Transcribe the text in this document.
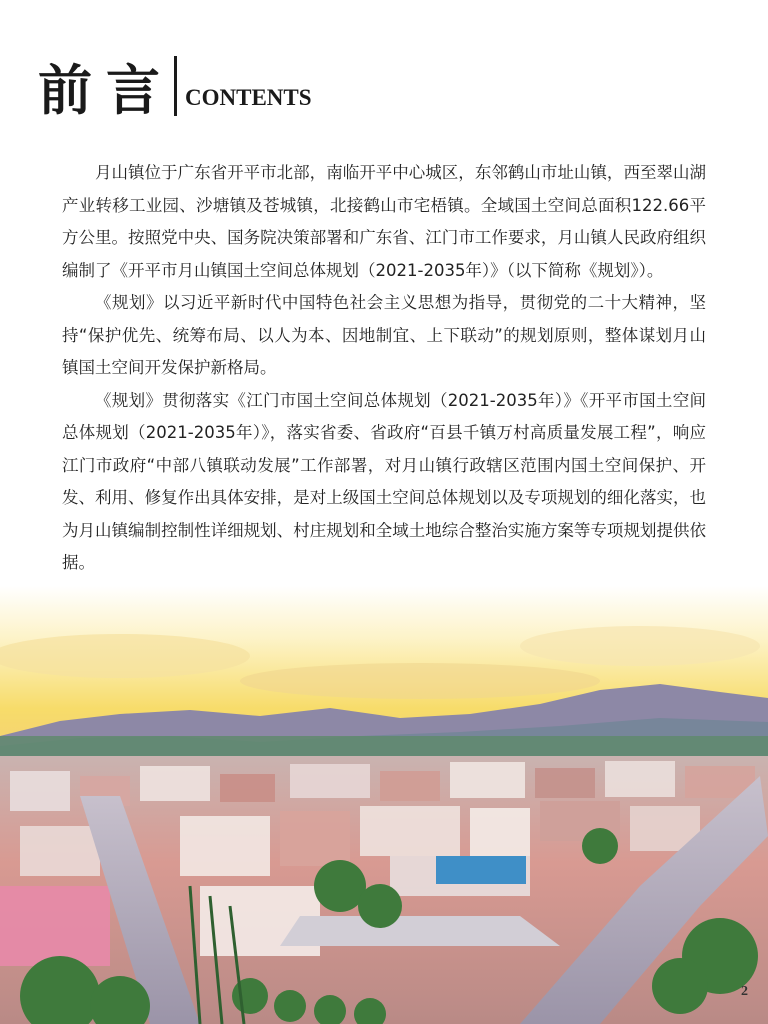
前言 CONTENTS

月山镇位于广东省开平市北部，南临开平中心城区，东邻鹤山市址山镇，西至翠山湖产业转移工业园、沙塘镇及苍城镇，北接鹤山市宅梧镇。全域国土空间总面积122.66平方公里。按照党中央、国务院决策部署和广东省、江门市工作要求，月山镇人民政府组织编制了《开平市月山镇国土空间总体规划（2021-2035年）》（以下简称《规划》）。

《规划》以习近平新时代中国特色社会主义思想为指导，贯彻党的二十大精神，坚持“保护优先、统筹布局、以人为本、因地制宜、上下联动”的规划原则，整体谋划月山镇国土空间开发保护新格局。

《规划》贯彻落实《江门市国土空间总体规划（2021-2035年）》《开平市国土空间总体规划（2021-2035年）》，落实省委、省政府“百县千镇万村高质量发展工程”，响应江门市政府“中部八镇联动发展”工作部署，对月山镇行政辖区范围内国土空间保护、开发、利用、修复作出具体安排，是对上级国土空间总体规划以及专项规划的细化落实，也为月山镇编制控制性详细规划、村庄规划和全域土地综合整治实施方案等专项规划提供依据。

2
